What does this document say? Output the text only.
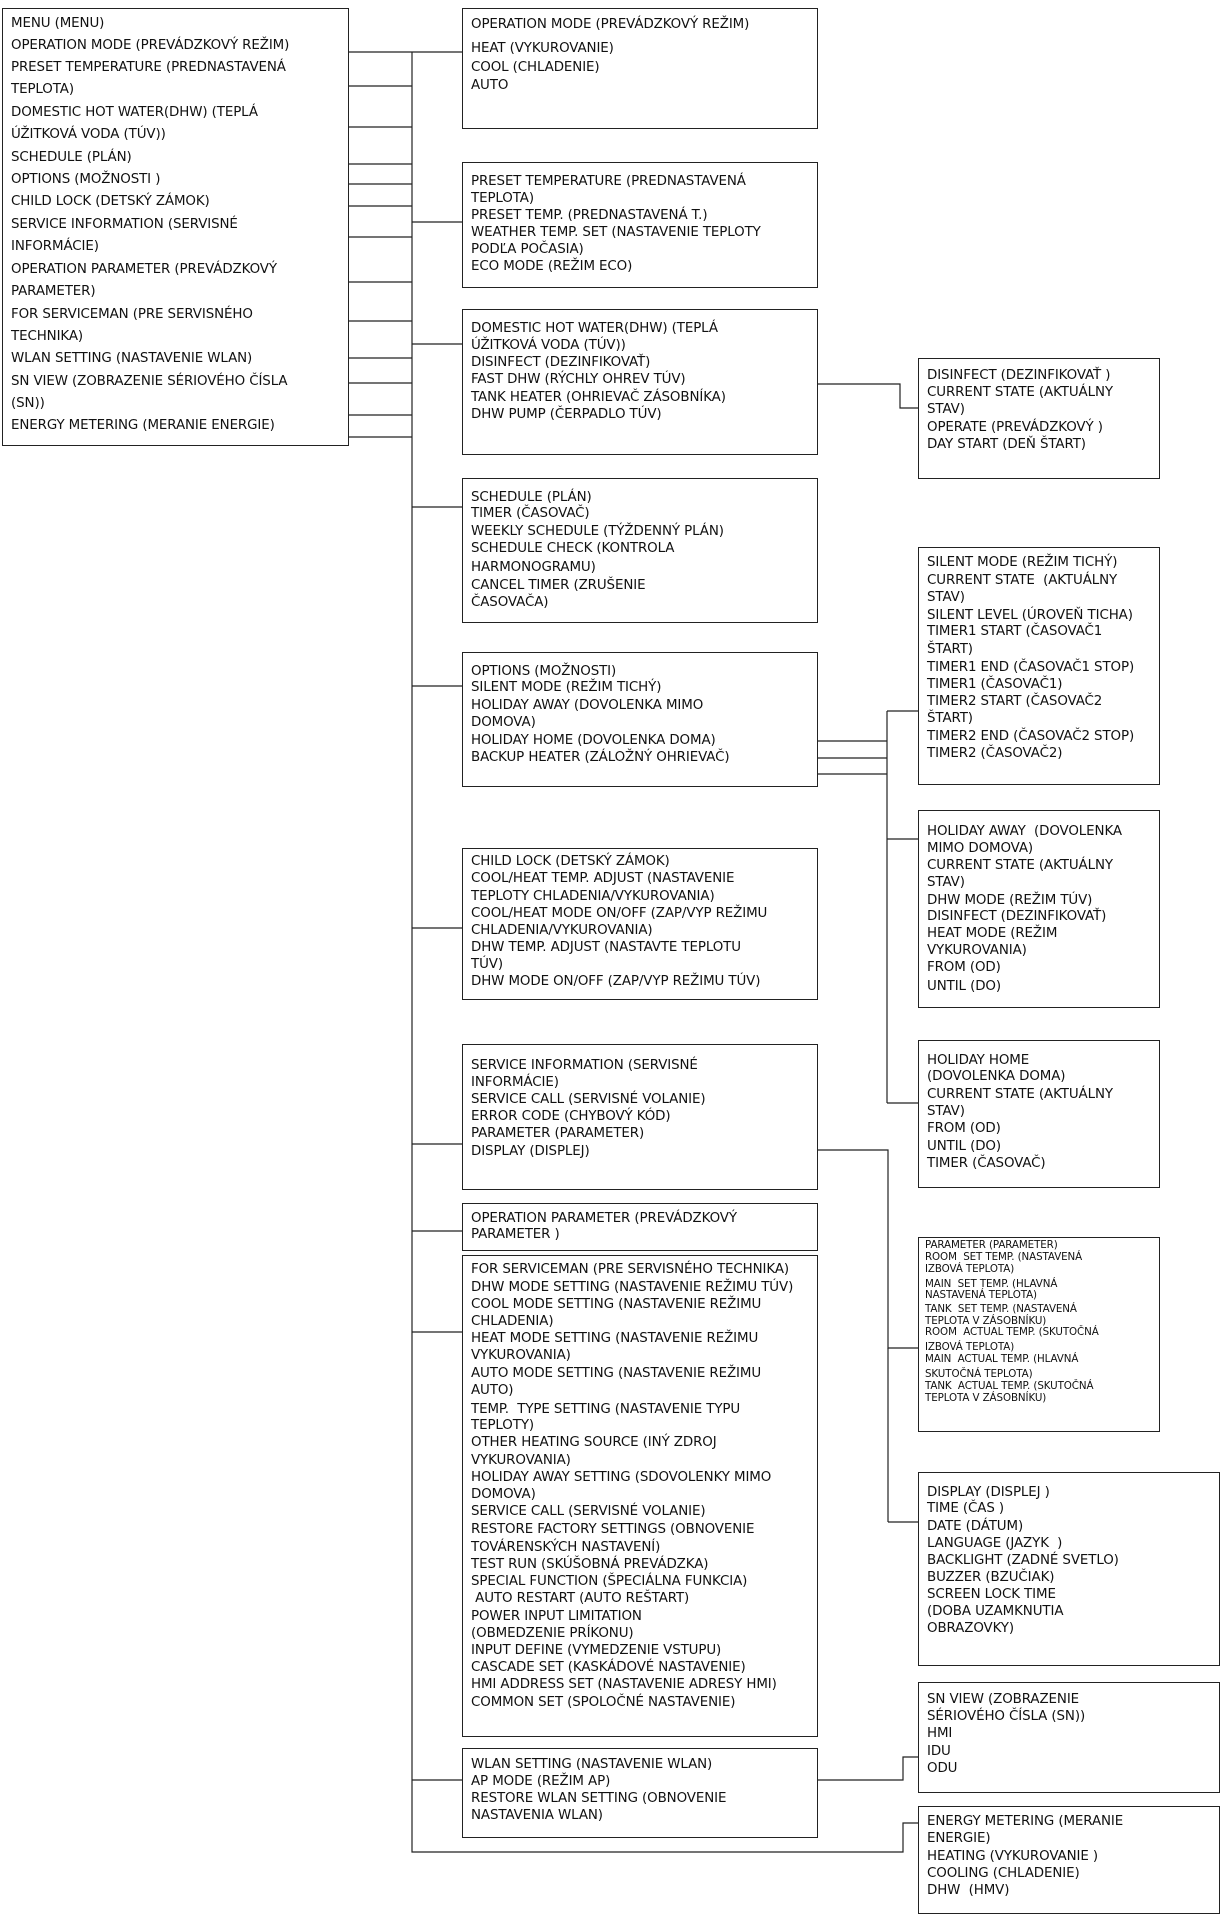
MENU (MENU)
OPERATION MODE (PREVÁDZKOVÝ REŽIM)
PRESET TEMPERATURE (PREDNASTAVENÁ
TEPLOTA)
DOMESTIC HOT WATER(DHW) (TEPLÁ
ÚŽITKOVÁ VODA (TÚV))
SCHEDULE (PLÁN)
OPTIONS (MOŽNOSTI )
CHILD LOCK (DETSKÝ ZÁMOK)
SERVICE INFORMATION (SERVISNÉ
INFORMÁCIE)
OPERATION PARAMETER (PREVÁDZKOVÝ
PARAMETER)
FOR SERVICEMAN (PRE SERVISNÉHO
TECHNIKA)
WLAN SETTING (NASTAVENIE WLAN)
SN VIEW (ZOBRAZENIE SÉRIOVÉHO ČÍSLA
(SN))
ENERGY METERING (MERANIE ENERGIE)
OPERATION MODE (PREVÁDZKOVÝ REŽIM)
HEAT (VYKUROVANIE)
COOL (CHLADENIE)
AUTO
PRESET TEMPERATURE (PREDNASTAVENÁ
TEPLOTA)
PRESET TEMP. (PREDNASTAVENÁ T.)
WEATHER TEMP. SET (NASTAVENIE TEPLOTY
PODĽA POČASIA)
ECO MODE (REŽIM ECO)
DOMESTIC HOT WATER(DHW) (TEPLÁ
ÚŽITKOVÁ VODA (TÚV))
DISINFECT (DEZINFIKOVAŤ)
FAST DHW (RÝCHLY OHREV TÚV)
TANK HEATER (OHRIEVAČ ZÁSOBNÍKA)
DHW PUMP (ČERPADLO TÚV)
DISINFECT (DEZINFIKOVAŤ )
CURRENT STATE (AKTUÁLNY
STAV)
OPERATE (PREVÁDZKOVÝ )
DAY START (DEŇ ŠTART)
SCHEDULE (PLÁN)
TIMER (ČASOVAČ)
WEEKLY SCHEDULE (TÝŽDENNÝ PLÁN)
SCHEDULE CHECK (KONTROLA
HARMONOGRAMU)
CANCEL TIMER (ZRUŠENIE
ČASOVAČA)
SILENT MODE (REŽIM TICHÝ)
CURRENT STATE  (AKTUÁLNY
STAV)
SILENT LEVEL (ÚROVEŇ TICHA)
TIMER1 START (ČASOVAČ1
ŠTART)
TIMER1 END (ČASOVAČ1 STOP)
TIMER1 (ČASOVAČ1)
TIMER2 START (ČASOVAČ2
ŠTART)
TIMER2 END (ČASOVAČ2 STOP)
TIMER2 (ČASOVAČ2)
OPTIONS (MOŽNOSTI)
SILENT MODE (REŽIM TICHÝ)
HOLIDAY AWAY (DOVOLENKA MIMO
DOMOVA)
HOLIDAY HOME (DOVOLENKA DOMA)
BACKUP HEATER (ZÁLOŽNÝ OHRIEVAČ)
HOLIDAY AWAY  (DOVOLENKA
MIMO DOMOVA)
CURRENT STATE (AKTUÁLNY
STAV)
DHW MODE (REŽIM TÚV)
DISINFECT (DEZINFIKOVAŤ)
HEAT MODE (REŽIM
VYKUROVANIA)
FROM (OD)
UNTIL (DO)
CHILD LOCK (DETSKÝ ZÁMOK)
COOL/HEAT TEMP. ADJUST (NASTAVENIE
TEPLOTY CHLADENIA/VYKUROVANIA)
COOL/HEAT MODE ON/OFF (ZAP/VYP REŽIMU
CHLADENIA/VYKUROVANIA)
DHW TEMP. ADJUST (NASTAVTE TEPLOTU
TÚV)
DHW MODE ON/OFF (ZAP/VYP REŽIMU TÚV)
SERVICE INFORMATION (SERVISNÉ
INFORMÁCIE)
SERVICE CALL (SERVISNÉ VOLANIE)
ERROR CODE (CHYBOVÝ KÓD)
PARAMETER (PARAMETER)
DISPLAY (DISPLEJ)
HOLIDAY HOME
(DOVOLENKA DOMA)
CURRENT STATE (AKTUÁLNY
STAV)
FROM (OD)
UNTIL (DO)
TIMER (ČASOVAČ)
OPERATION PARAMETER (PREVÁDZKOVÝ
PARAMETER )
PARAMETER (PARAMETER)
ROOM  SET TEMP. (NASTAVENÁ
IZBOVÁ TEPLOTA)
MAIN  SET TEMP. (HLAVNÁ
NASTAVENÁ TEPLOTA)
TANK  SET TEMP. (NASTAVENÁ
TEPLOTA V ZÁSOBNÍKU)
ROOM  ACTUAL TEMP. (SKUTOČNÁ
IZBOVÁ TEPLOTA)
MAIN  ACTUAL TEMP. (HLAVNÁ
SKUTOČNÁ TEPLOTA)
TANK  ACTUAL TEMP. (SKUTOČNÁ
TEPLOTA V ZÁSOBNÍKU)
FOR SERVICEMAN (PRE SERVISNÉHO TECHNIKA)
DHW MODE SETTING (NASTAVENIE REŽIMU TÚV)
COOL MODE SETTING (NASTAVENIE REŽIMU
CHLADENIA)
HEAT MODE SETTING (NASTAVENIE REŽIMU
VYKUROVANIA)
AUTO MODE SETTING (NASTAVENIE REŽIMU
AUTO)
TEMP.  TYPE SETTING (NASTAVENIE TYPU
TEPLOTY)
OTHER HEATING SOURCE (INÝ ZDROJ
VYKUROVANIA)
HOLIDAY AWAY SETTING (SDOVOLENKY MIMO
DOMOVA)
SERVICE CALL (SERVISNÉ VOLANIE)
RESTORE FACTORY SETTINGS (OBNOVENIE
TOVÁRENSKÝCH NASTAVENÍ)
TEST RUN (SKÚŠOBNÁ PREVÁDZKA)
SPECIAL FUNCTION (ŠPECIÁLNA FUNKCIA)
AUTO RESTART (AUTO REŠTART)
POWER INPUT LIMITATION
(OBMEDZENIE PRÍKONU)
INPUT DEFINE (VYMEDZENIE VSTUPU)
CASCADE SET (KASKÁDOVÉ NASTAVENIE)
HMI ADDRESS SET (NASTAVENIE ADRESY HMI)
COMMON SET (SPOLOČNÉ NASTAVENIE)
DISPLAY (DISPLEJ )
TIME (ČAS )
DATE (DÁTUM)
LANGUAGE (JAZYK  )
BACKLIGHT (ZADNÉ SVETLO)
BUZZER (BZUČIAK)
SCREEN LOCK TIME
(DOBA UZAMKNUTIA
OBRAZOVKY)
SN VIEW (ZOBRAZENIE
SÉRIOVÉHO ČÍSLA (SN))
HMI
IDU
ODU
WLAN SETTING (NASTAVENIE WLAN)
AP MODE (REŽIM AP)
RESTORE WLAN SETTING (OBNOVENIE
NASTAVENIA WLAN)	ENERGY METERING (MERANIE
ENERGIE)
HEATING (VYKUROVANIE )
COOLING (CHLADENIE)
DHW  (HMV)
